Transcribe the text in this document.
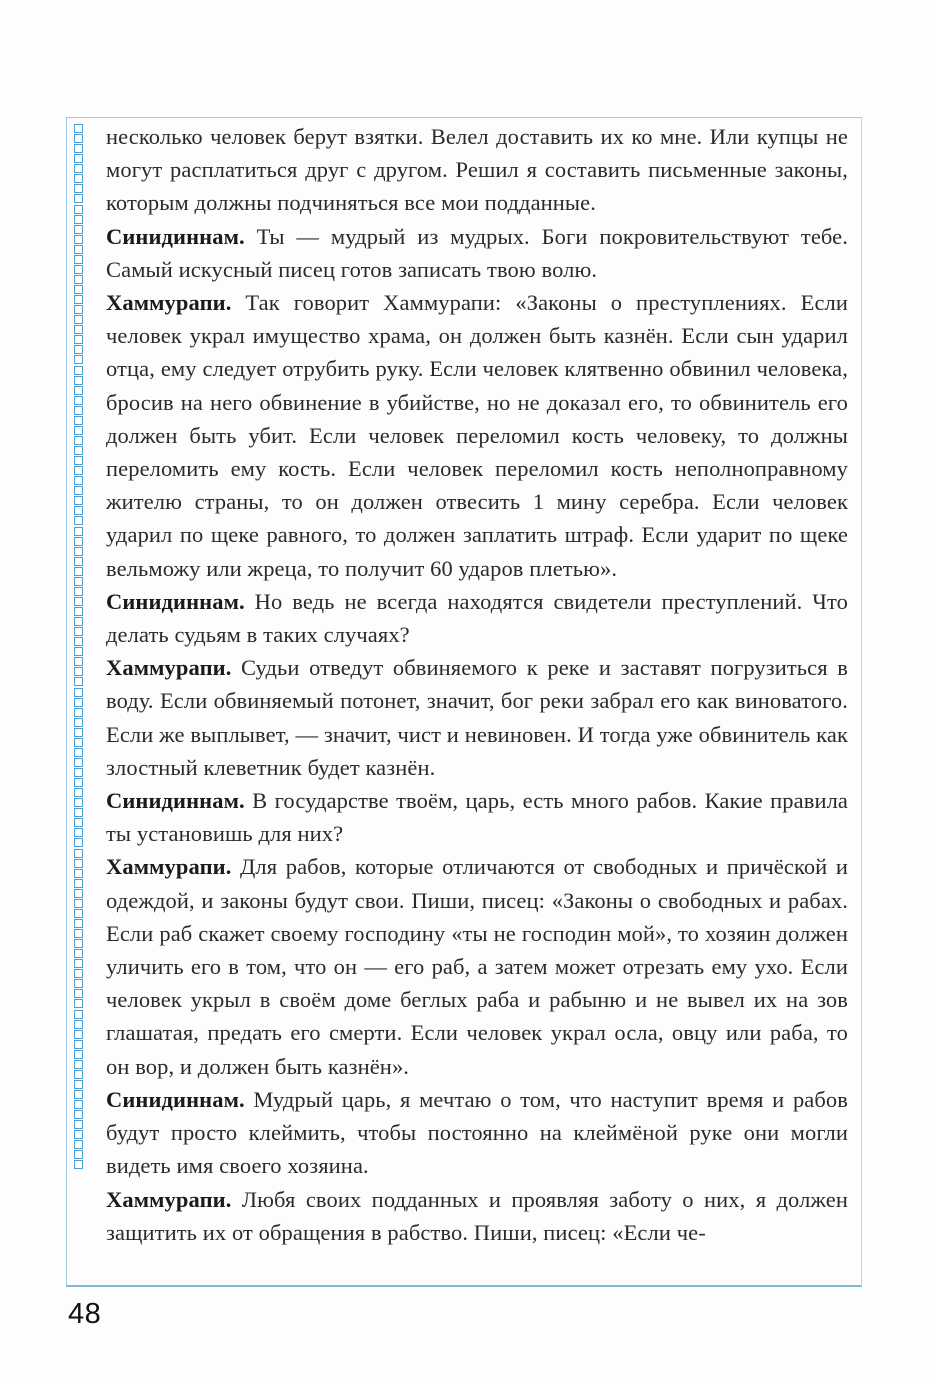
несколько человек берут взятки. Велел доставить их ко мне. Или купцы не могут расплатиться друг с другом. Решил я составить письменные законы, которым должны подчиняться все мои подданные.

Синидиннам. Ты — мудрый из мудрых. Боги покровительствуют тебе. Самый искусный писец готов записать твою волю.

Хаммурапи. Так говорит Хаммурапи: «Законы о преступлениях. Если человек украл имущество храма, он должен быть казнён. Если сын ударил отца, ему следует отрубить руку. Если человек клятвенно обвинил человека, бросив на него обвинение в убийстве, но не доказал его, то обвинитель его должен быть убит. Если человек переломил кость человеку, то должны переломить ему кость. Если человек переломил кость неполноправному жителю страны, то он должен отвесить 1 мину серебра. Если человек ударил по щеке равного, то должен заплатить штраф. Если ударит по щеке вельможу или жреца, то получит 60 ударов плетью».

Синидиннам. Но ведь не всегда находятся свидетели преступлений. Что делать судьям в таких случаях?

Хаммурапи. Судьи отведут обвиняемого к реке и заставят погрузиться в воду. Если обвиняемый потонет, значит, бог реки забрал его как виноватого. Если же выплывет, — значит, чист и невиновен. И тогда уже обвинитель как злостный клеветник будет казнён.

Синидиннам. В государстве твоём, царь, есть много рабов. Какие правила ты установишь для них?

Хаммурапи. Для рабов, которые отличаются от свободных и причёской и одеждой, и законы будут свои. Пиши, писец: «Законы о свободных и рабах. Если раб скажет своему господину «ты не господин мой», то хозяин должен уличить его в том, что он — его раб, а затем может отрезать ему ухо. Если человек укрыл в своём доме беглых раба и рабыню и не вывел их на зов глашатая, предать его смерти. Если человек украл осла, овцу или раба, то он вор, и должен быть казнён».

Синидиннам. Мудрый царь, я мечтаю о том, что наступит время и рабов будут просто клеймить, чтобы постоянно на клеймёной руке они могли видеть имя своего хозяина.

Хаммурапи. Любя своих подданных и проявляя заботу о них, я должен защитить их от обращения в рабство. Пиши, писец: «Если че-

48
